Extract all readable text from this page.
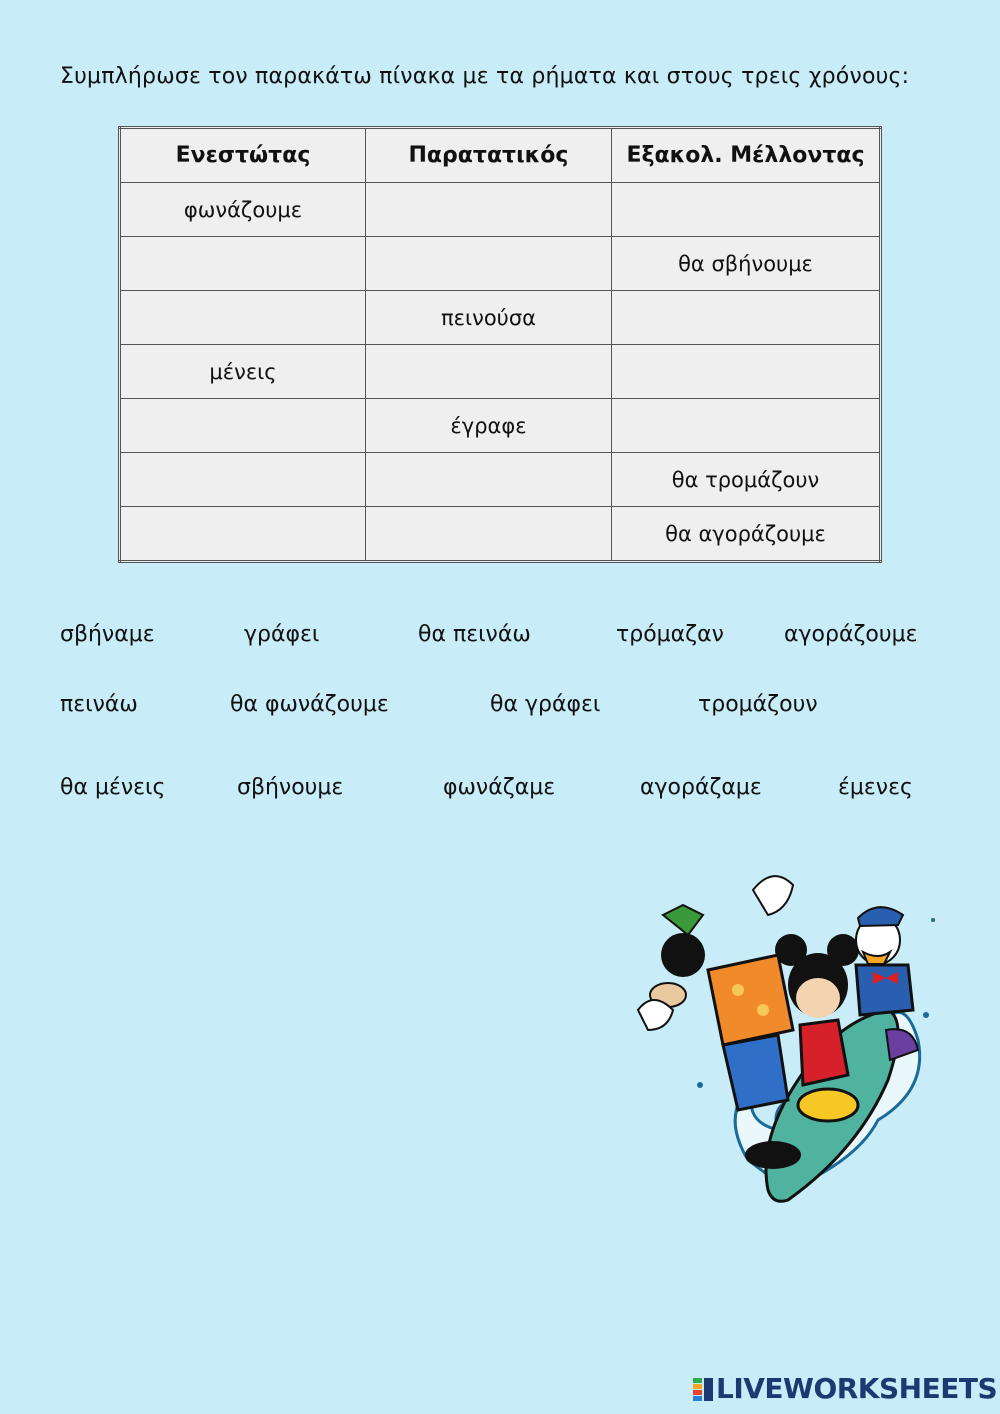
Συμπλήρωσε τον παρακάτω πίνακα με τα ρήματα και στους τρεις χρόνους:
Ενεστώτας	Παρατατικός	Εξακολ. Μέλλοντας
φωνάζουμε		
		θα σβήνουμε
	πεινούσα	
μένεις		
	έγραφε	
		θα τρομάζουν
		θα αγοράζουμε
σβήναμε	γράφει	θα πεινάω	τρόμαζαν	αγοράζουμε
πεινάω	θα φωνάζουμε	θα γράφει	τρομάζουν
θα μένεις	σβήνουμε	φωνάζαμε	αγοράζαμε	έμενες
LIVEWORKSHEETS
